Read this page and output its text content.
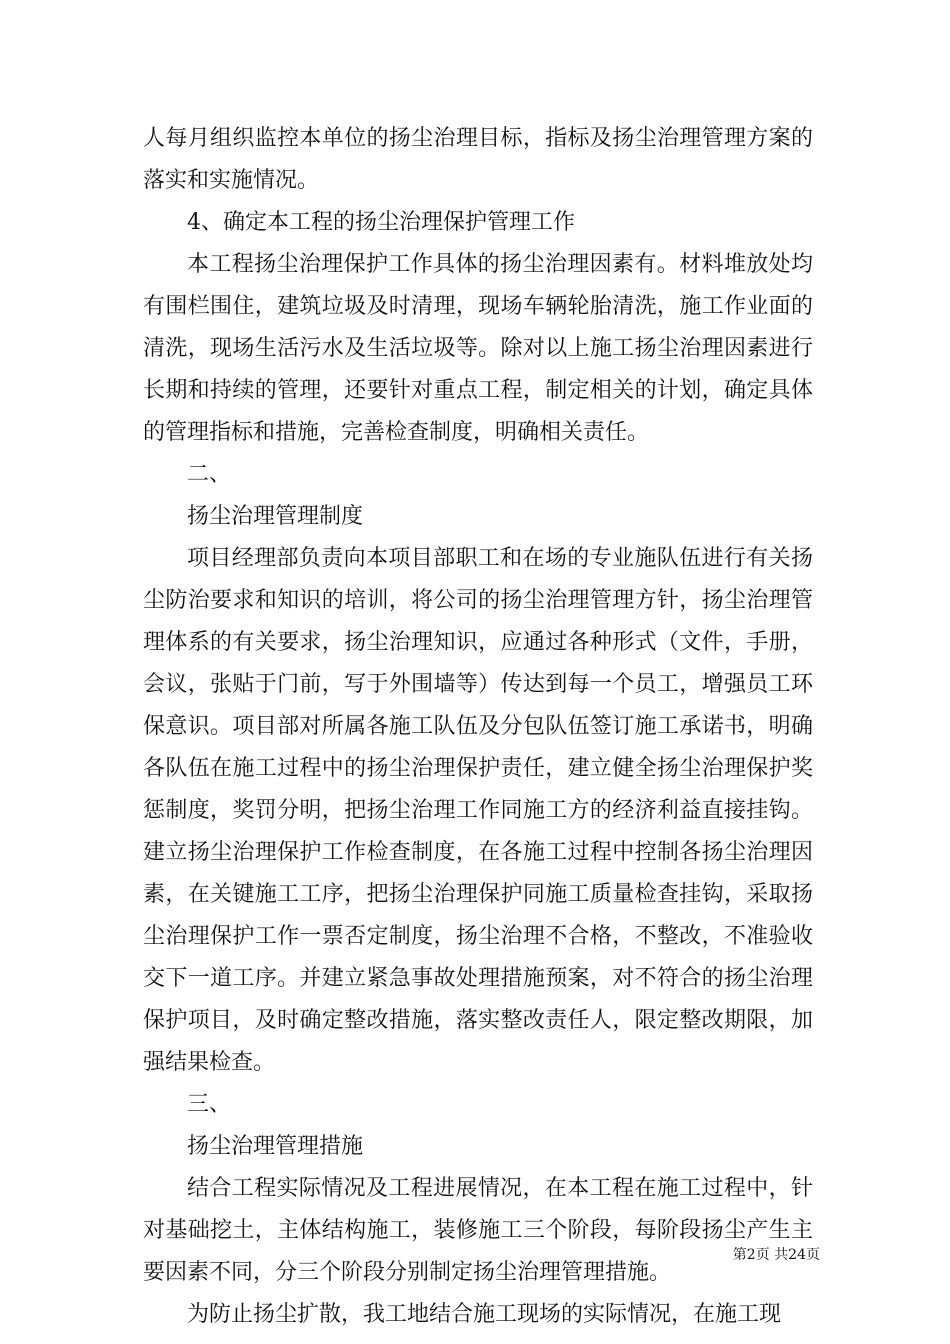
人每月组织监控本单位的扬尘治理目标，指标及扬尘治理管理方案的落实和实施情况。

4、确定本工程的扬尘治理保护管理工作

本工程扬尘治理保护工作具体的扬尘治理因素有。材料堆放处均有围栏围住，建筑垃圾及时清理，现场车辆轮胎清洗，施工作业面的清洗，现场生活污水及生活垃圾等。除对以上施工扬尘治理因素进行长期和持续的管理，还要针对重点工程，制定相关的计划，确定具体的管理指标和措施，完善检查制度，明确相关责任。

二、

扬尘治理管理制度

项目经理部负责向本项目部职工和在场的专业施队伍进行有关扬尘防治要求和知识的培训，将公司的扬尘治理管理方针，扬尘治理管理体系的有关要求，扬尘治理知识，应通过各种形式（文件，手册，会议，张贴于门前，写于外围墙等）传达到每一个员工，增强员工环保意识。项目部对所属各施工队伍及分包队伍签订施工承诺书，明确各队伍在施工过程中的扬尘治理保护责任，建立健全扬尘治理保护奖惩制度，奖罚分明，把扬尘治理工作同施工方的经济利益直接挂钩。建立扬尘治理保护工作检查制度，在各施工过程中控制各扬尘治理因素，在关键施工工序，把扬尘治理保护同施工质量检查挂钩，采取扬尘治理保护工作一票否定制度，扬尘治理不合格，不整改，不准验收交下一道工序。并建立紧急事故处理措施预案，对不符合的扬尘治理保护项目，及时确定整改措施，落实整改责任人，限定整改期限，加强结果检查。

三、

扬尘治理管理措施

结合工程实际情况及工程进展情况，在本工程在施工过程中，针对基础挖土，主体结构施工，装修施工三个阶段，每阶段扬尘产生主要因素不同，分三个阶段分别制定扬尘治理管理措施。

为防止扬尘扩散，我工地结合施工现场的实际情况，在施工现

第2页 共24页
